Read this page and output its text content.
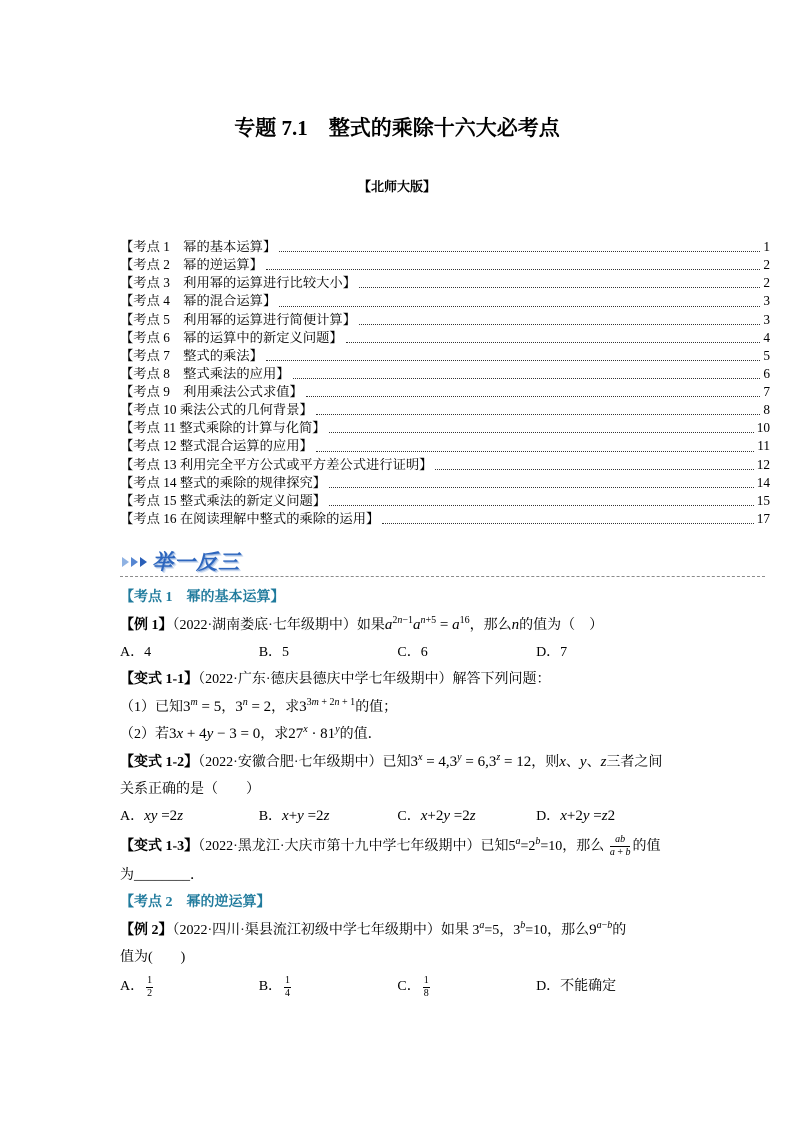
专题 7.1　整式的乘除十六大必考点
【北师大版】
【考点 1　幂的基本运算】	1
【考点 2　幂的逆运算】	2
【考点 3　利用幂的运算进行比较大小】	2
【考点 4　幂的混合运算】	3
【考点 5　利用幂的运算进行简便计算】	3
【考点 6　幂的运算中的新定义问题】	4
【考点 7　整式的乘法】	5
【考点 8　整式乘法的应用】	6
【考点 9　利用乘法公式求值】	7
【考点 10 乘法公式的几何背景】	8
【考点 11 整式乘除的计算与化简】	10
【考点 12 整式混合运算的应用】	11
【考点 13 利用完全平方公式或平方差公式进行证明】	12
【考点 14 整式的乘除的规律探究】	14
【考点 15 整式乘法的新定义问题】	15
【考点 16 在阅读理解中整式的乘除的运用】	17
举一反三
【考点 1　幂的基本运算】
【例 1】（2022·湖南娄底·七年级期中）如果$a^{2n-1}a^{n+5} = a^{16}$，那么n的值为（　）
A．4	B．5	C．6	D．7
【变式 1-1】（2022·广东·德庆县德庆中学七年级期中）解答下列问题：
（1）已知$3^m = 5$，$3^n = 2$，求$3^{3m + 2n + 1}$的值；
（2）若3x + 4y − 3 = 0，求$27^x \cdot 81^y$的值．
【变式 1-2】（2022·安徽合肥·七年级期中）已知$3^x = 4,3^y = 6,3^z = 12$，则x、y、z三者之间
关系正确的是（　　）
A．xy =2z	B．x+y =2z	C．x+2y =2z	D．x+2y =z2
【变式 1-3】（2022·黑龙江·大庆市第十九中学七年级期中）已知$5^a=2^b=10$，那么 $\frac{ab}{a + b}$ 的值
为________．
【考点 2　幂的逆运算】
【例 2】（2022·四川·渠县流江初级中学七年级期中）如果 $3^a=5$，$3^b=10$，那么$9^{a-b}$的
值为(　　)
A． $\frac{1}{2}$	B． $\frac{1}{4}$	C． $\frac{1}{8}$	D．不能确定
